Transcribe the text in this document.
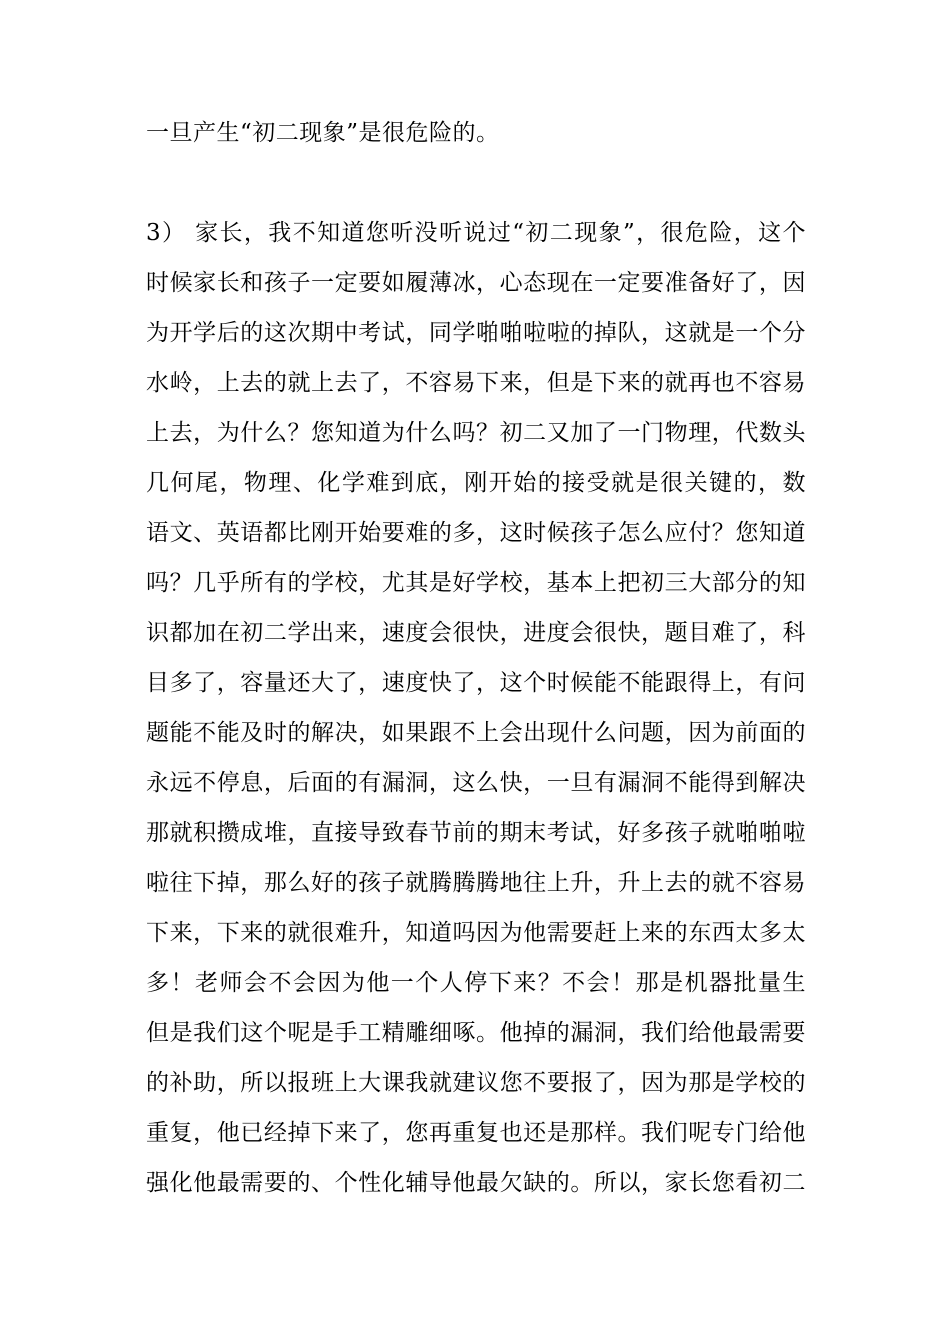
一旦产生“初二现象”是很危险的。
3） 家长，我不知道您听没听说过“初二现象”，很危险，这个
时候家长和孩子一定要如履薄冰，心态现在一定要准备好了，因
为开学后的这次期中考试，同学啪啪啦啦的掉队，这就是一个分
水岭，上去的就上去了，不容易下来，但是下来的就再也不容易
上去，为什么？您知道为什么吗？初二又加了一门物理，代数头
几何尾，物理、化学难到底，刚开始的接受就是很关键的，数
语文、英语都比刚开始要难的多，这时候孩子怎么应付？您知道
吗？几乎所有的学校，尤其是好学校，基本上把初三大部分的知
识都加在初二学出来，速度会很快，进度会很快，题目难了，科
目多了，容量还大了，速度快了，这个时候能不能跟得上，有问
题能不能及时的解决，如果跟不上会出现什么问题，因为前面的
永远不停息，后面的有漏洞，这么快，一旦有漏洞不能得到解决
那就积攒成堆，直接导致春节前的期末考试，好多孩子就啪啪啦
啦往下掉，那么好的孩子就腾腾腾地往上升，升上去的就不容易
下来，下来的就很难升，知道吗因为他需要赶上来的东西太多太
多！老师会不会因为他一个人停下来？不会！那是机器批量生
但是我们这个呢是手工精雕细啄。他掉的漏洞，我们给他最需要
的补助，所以报班上大课我就建议您不要报了，因为那是学校的
重复，他已经掉下来了，您再重复也还是那样。我们呢专门给他
强化他最需要的、个性化辅导他最欠缺的。所以，家长您看初二
